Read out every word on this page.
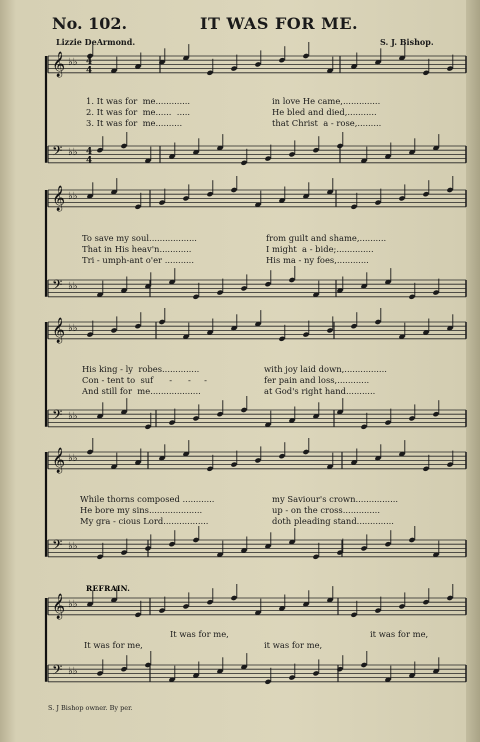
No. 102.	IT WAS FOR ME.
Lizzie DeArmond.	S. J. Bishop.
1. It was for  me.............	in love He came,..............
2. It was for  me......  .....	He bled and died,...........
3. It was for  me..........	that Christ  a - rose,.........
To save my soul..................	from guilt and shame,..........
That in His heav'n............	I might  a - bide;..............
Tri - umph-ant o'er ...........	His ma - ny foes,............
His king - ly  robes..............	with joy laid down,................
Con - tent to  suf      -      -     -	fer pain and loss,............
And still for  me...................	at God's right hand...........
While thorns composed ............	my Saviour's crown................
He bore my sins....................	up - on the cross..............
My gra - cious Lord.................	doth pleading stand..............
REFRAIN.
It was for me,	it was for me,
It was for me,	it was for me,
S. J Bishop owner. By per.
𝄞 ♭♭
𝄢 ♭♭
4
4
4
4
𝄞 ♭♭
𝄢 ♭♭
𝄞 ♭♭
𝄢 ♭♭
𝄞 ♭♭
𝄢 ♭♭
𝄞 ♭♭
𝄢 ♭♭
